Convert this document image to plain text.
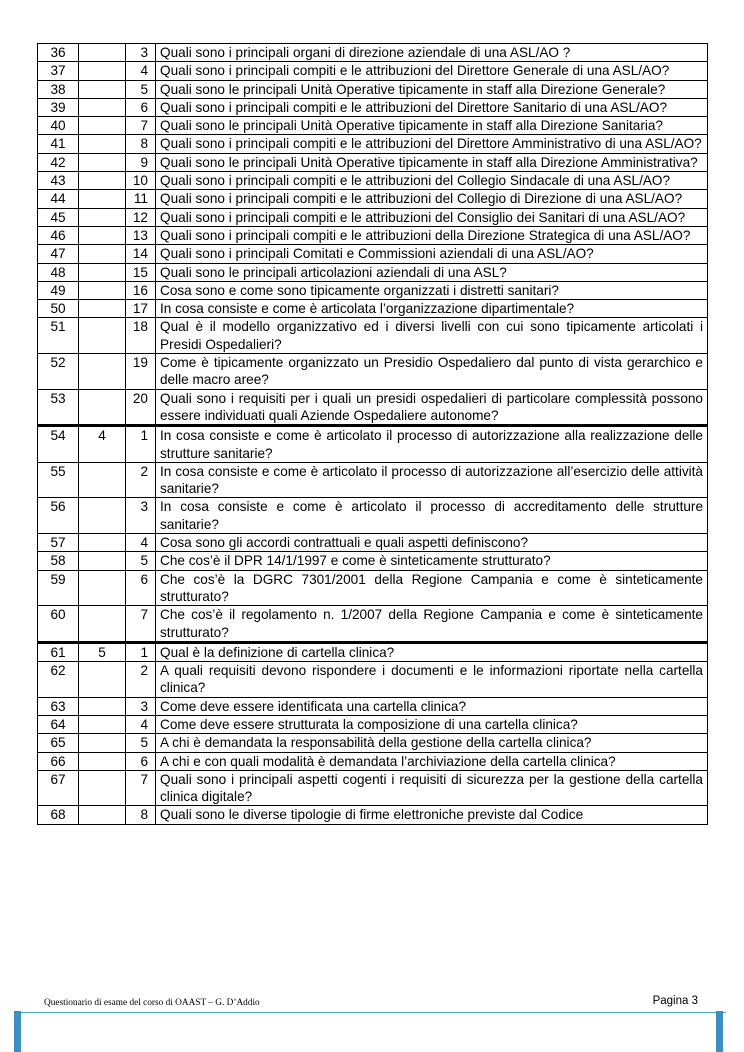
36		3	Quali sono i principali organi di direzione aziendale di una ASL/AO ?
37		4	Quali sono i principali compiti e le attribuzioni del Direttore Generale di una ASL/AO?
38		5	Quali sono le principali Unità Operative tipicamente in staff alla Direzione Generale?
39		6	Quali sono i principali compiti e le attribuzioni del Direttore Sanitario di una ASL/AO?
40		7	Quali sono le principali Unità Operative tipicamente in staff alla Direzione Sanitaria?
41		8	Quali sono i principali compiti e le attribuzioni del Direttore Amministrativo di una ASL/AO?
42		9	Quali sono le principali Unità Operative tipicamente in staff alla Direzione Amministrativa?
43		10	Quali sono i principali compiti e le attribuzioni del Collegio Sindacale di una ASL/AO?
44		11	Quali sono i principali compiti e le attribuzioni del Collegio di Direzione di una ASL/AO?
45		12	Quali sono i principali compiti e le attribuzioni del Consiglio dei Sanitari di una ASL/AO?
46		13	Quali sono i principali compiti e le attribuzioni della Direzione Strategica di una ASL/AO?
47		14	Quali sono i principali Comitati e Commissioni aziendali di una ASL/AO?
48		15	Quali sono le principali articolazioni aziendali di una ASL?
49		16	Cosa sono e come sono tipicamente organizzati i distretti sanitari?
50		17	In cosa consiste e come è articolata l’organizzazione dipartimentale?
51		18	Qual è il modello organizzativo ed i diversi livelli con cui sono tipicamente articolati i Presidi Ospedalieri?
52		19	Come è tipicamente organizzato un Presidio Ospedaliero dal punto di vista gerarchico e delle macro aree?
53		20	Quali sono i requisiti per i quali un presidi ospedalieri di particolare complessità possono essere individuati quali Aziende Ospedaliere autonome?
54	4	1	In cosa consiste e come è articolato il processo di autorizzazione alla realizzazione delle strutture sanitarie?
55		2	In cosa consiste e come è articolato il processo di autorizzazione all’esercizio delle attività sanitarie?
56		3	In cosa consiste e come è articolato il processo di accreditamento delle strutture sanitarie?
57		4	Cosa sono gli accordi contrattuali e quali aspetti definiscono?
58		5	Che cos’è il DPR 14/1/1997 e come è sinteticamente strutturato?
59		6	Che cos’è la DGRC 7301/2001 della Regione Campania e come è sinteticamente strutturato?
60		7	Che cos’è il regolamento n. 1/2007 della Regione Campania e come è sinteticamente strutturato?
61	5	1	Qual è la definizione di cartella clinica?
62		2	A quali requisiti devono rispondere i documenti e le informazioni riportate nella cartella clinica?
63		3	Come deve essere identificata una cartella clinica?
64		4	Come deve essere strutturata la composizione di una cartella clinica?
65		5	A chi è demandata la responsabilità della gestione della cartella clinica?
66		6	A chi e con quali modalità è demandata l’archiviazione della cartella clinica?
67		7	Quali sono i principali aspetti cogenti i requisiti di sicurezza per la gestione della cartella clinica digitale?
68		8	Quali sono le diverse tipologie di firme elettroniche previste dal Codice
Questionario di esame del corso di OAAST – G. D’Addio	Pagina 3
